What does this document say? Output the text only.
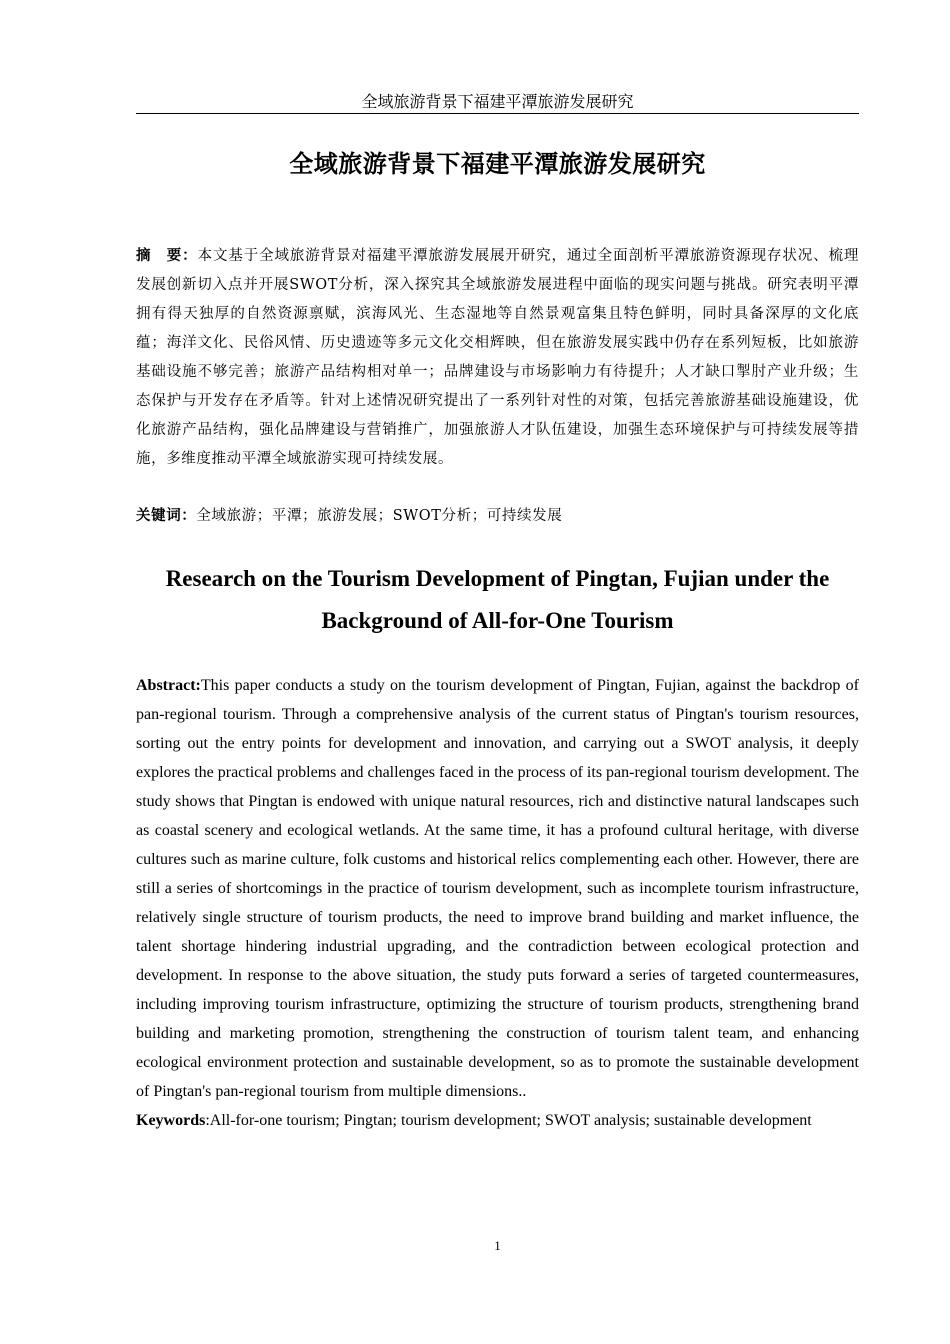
全域旅游背景下福建平潭旅游发展研究
全域旅游背景下福建平潭旅游发展研究
摘　要：本文基于全域旅游背景对福建平潭旅游发展展开研究，通过全面剖析平潭旅游资源现存状况、梳理发展创新切入点并开展SWOT分析，深入探究其全域旅游发展进程中面临的现实问题与挑战。研究表明平潭拥有得天独厚的自然资源禀赋，滨海风光、生态湿地等自然景观富集且特色鲜明，同时具备深厚的文化底蕴；海洋文化、民俗风情、历史遗迹等多元文化交相辉映，但在旅游发展实践中仍存在系列短板，比如旅游基础设施不够完善；旅游产品结构相对单一；品牌建设与市场影响力有待提升；人才缺口掣肘产业升级；生态保护与开发存在矛盾等。针对上述情况研究提出了一系列针对性的对策，包括完善旅游基础设施建设，优化旅游产品结构，强化品牌建设与营销推广，加强旅游人才队伍建设，加强生态环境保护与可持续发展等措施，多维度推动平潭全域旅游实现可持续发展。
关键词：全域旅游；平潭；旅游发展；SWOT分析；可持续发展
Research on the Tourism Development of Pingtan, Fujian under the Background of All-for-One Tourism
Abstract:This paper conducts a study on the tourism development of Pingtan, Fujian, against the backdrop of pan-regional tourism. Through a comprehensive analysis of the current status of Pingtan's tourism resources, sorting out the entry points for development and innovation, and carrying out a SWOT analysis, it deeply explores the practical problems and challenges faced in the process of its pan-regional tourism development. The study shows that Pingtan is endowed with unique natural resources, rich and distinctive natural landscapes such as coastal scenery and ecological wetlands. At the same time, it has a profound cultural heritage, with diverse cultures such as marine culture, folk customs and historical relics complementing each other. However, there are still a series of shortcomings in the practice of tourism development, such as incomplete tourism infrastructure, relatively single structure of tourism products, the need to improve brand building and market influence, the talent shortage hindering industrial upgrading, and the contradiction between ecological protection and development. In response to the above situation, the study puts forward a series of targeted countermeasures, including improving tourism infrastructure, optimizing the structure of tourism products, strengthening brand building and marketing promotion, strengthening the construction of tourism talent team, and enhancing ecological environment protection and sustainable development, so as to promote the sustainable development of Pingtan's pan-regional tourism from multiple dimensions..
Keywords:All-for-one tourism; Pingtan; tourism development; SWOT analysis; sustainable development
1
